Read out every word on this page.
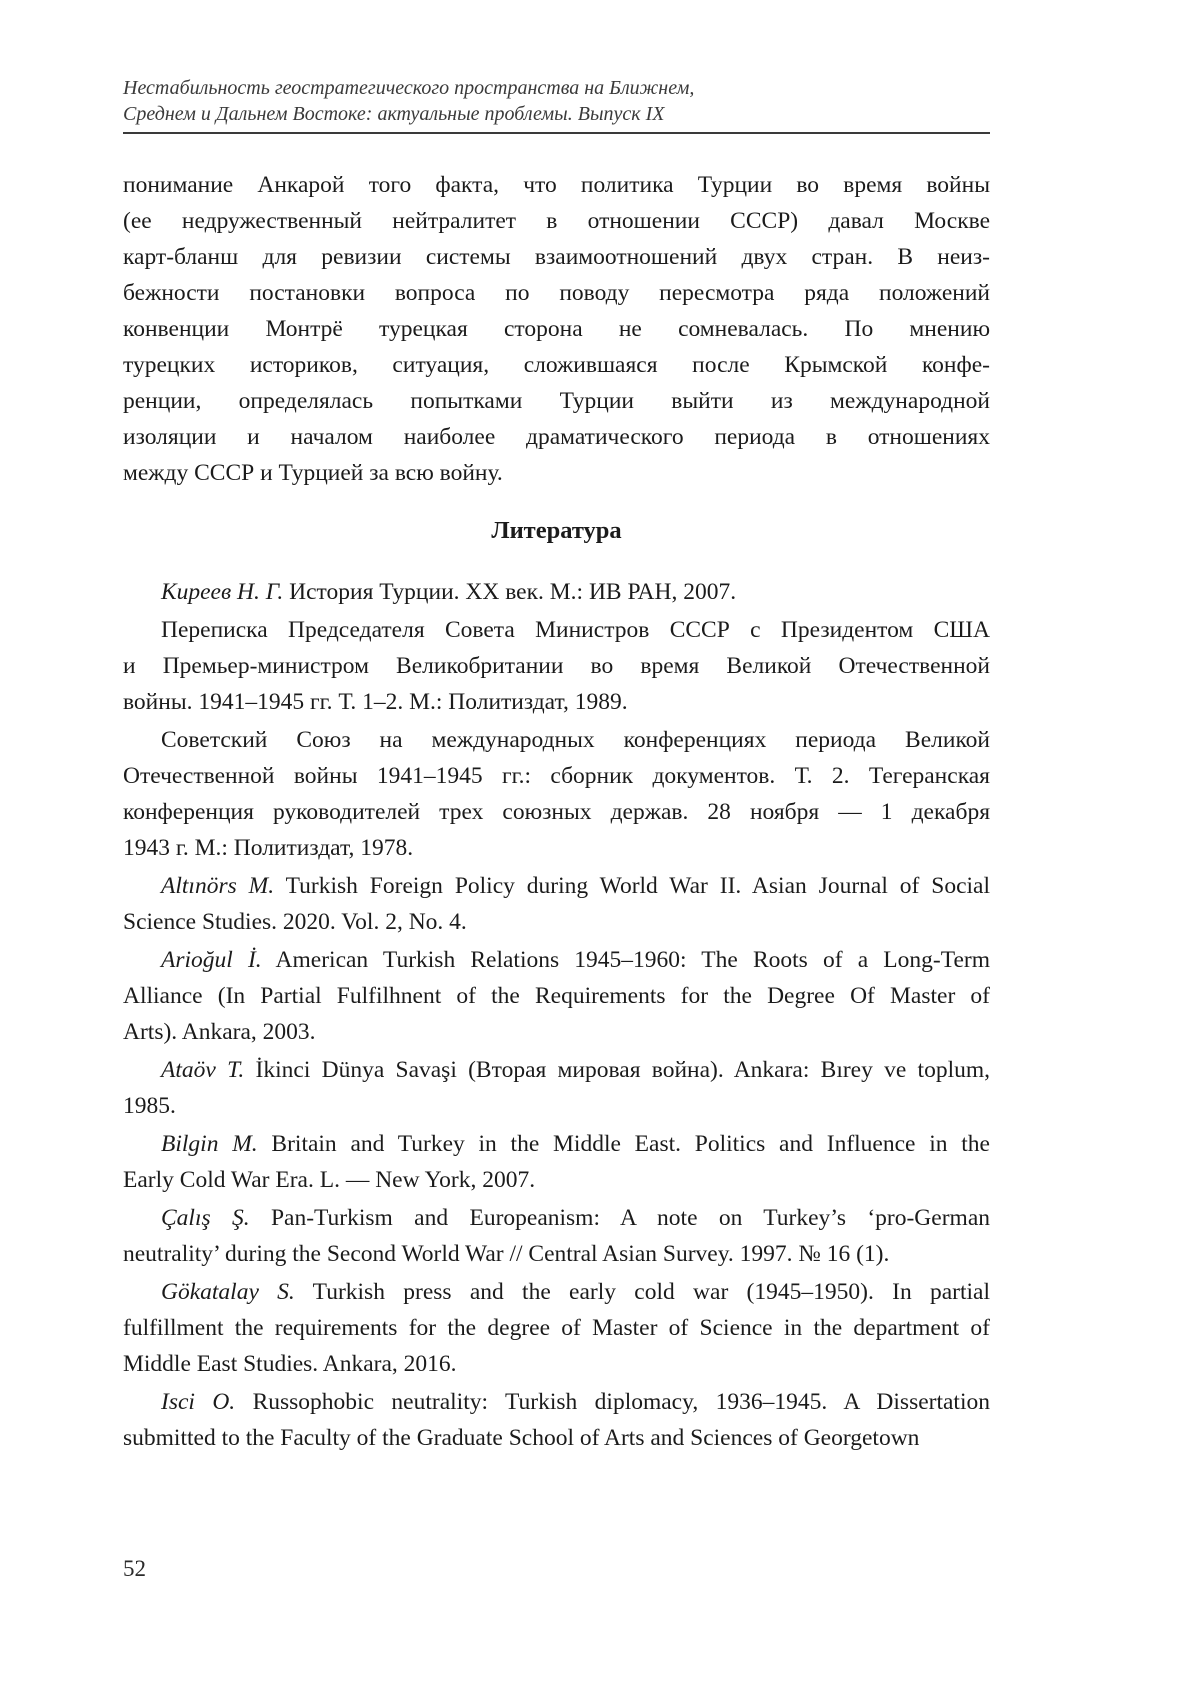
Нестабильность геостратегического пространства на Ближнем,
Среднем и Дальнем Востоке: актуальные проблемы. Выпуск IX
понимание Анкарой того факта, что политика Турции во время войны
(ее недружественный нейтралитет в отношении СССР) давал Москве
карт-бланш для ревизии системы взаимоотношений двух стран. В неиз-
бежности постановки вопроса по поводу пересмотра ряда положений
конвенции Монтрё турецкая сторона не сомневалась. По мнению
турецких историков, ситуация, сложившаяся после Крымской конфе-
ренции, определялась попытками Турции выйти из международной
изоляции и началом наиболее драматического периода в отношениях
между СССР и Турцией за всю войну.
Литература
Киреев Н. Г. История Турции. XX век. М.: ИВ РАН, 2007.
Переписка Председателя Совета Министров СССР с Президентом США
и Премьер-министром Великобритании во время Великой Отечественной
войны. 1941–1945 гг. Т. 1–2. М.: Политиздат, 1989.
Советский Союз на международных конференциях периода Великой
Отечественной войны 1941–1945 гг.: сборник документов. Т. 2. Тегеранская
конференция руководителей трех союзных держав. 28 ноября — 1 декабря
1943 г. М.: Политиздат, 1978.
Altınörs M. Turkish Foreign Policy during World War II. Asian Journal of Social
Science Studies. 2020. Vol. 2, No. 4.
Arioğul İ. American Turkish Relations 1945–1960: The Roots of a Long-Term
Alliance (In Partial Fulfilhnent of the Requirements for the Degree Of Master of
Arts). Ankara, 2003.
Ataöv T. İkinci Dünya Savaşi (Вторая мировая война). Ankara: Bırey ve toplum,
1985.
Bilgin M. Britain and Turkey in the Middle East. Politics and Influence in the
Early Cold War Era. L. — New York, 2007.
Çalış Ş. Pan-Turkism and Europeanism: A note on Turkey’s ‘pro-German
neutrality’ during the Second World War // Central Asian Survey. 1997. № 16 (1).
Gökatalay S. Turkish press and the early cold war (1945–1950). In partial
fulfillment the requirements for the degree of Master of Science in the department of
Middle East Studies. Ankara, 2016.
Isci O. Russophobic neutrality: Turkish diplomacy, 1936–1945. A Dissertation
submitted to the Faculty of the Graduate School of Arts and Sciences of Georgetown
52
